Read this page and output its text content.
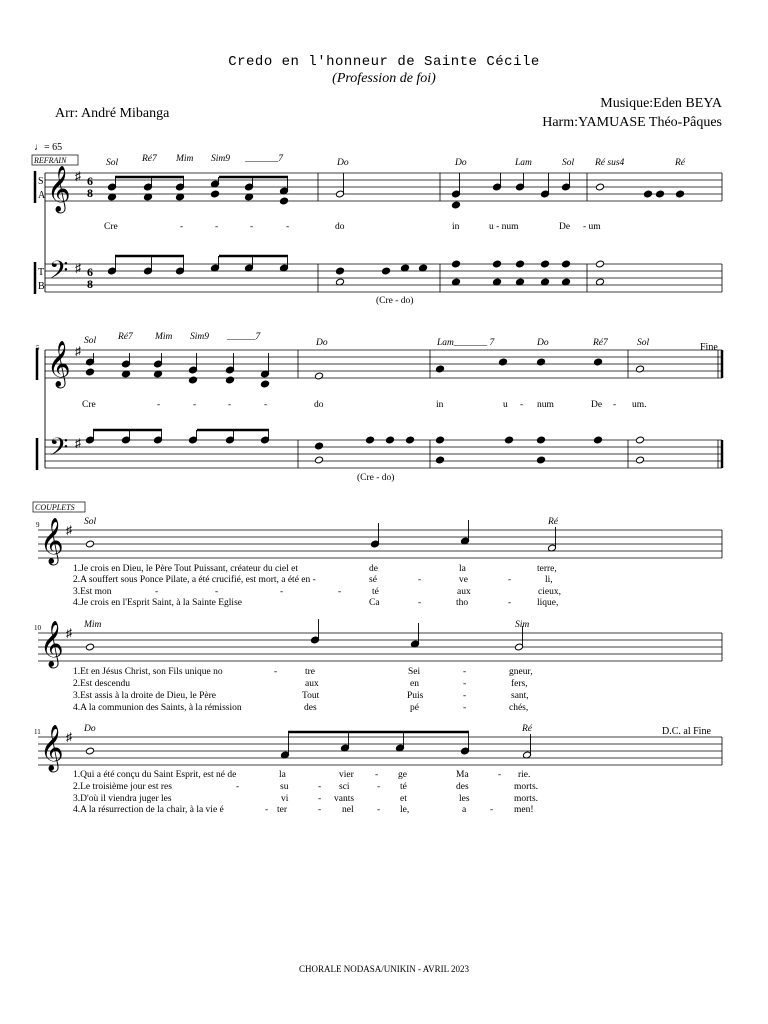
Credo en l'honneur de Sainte Cécile
(Profession de foi)
Arr: André Mibanga
Musique:Eden BEYA
Harm:YAMUASE Théo-Pâques
CHORALE NODASA/UNIKIN - AVRIL 2023
♩= 65
REFRAIN
COUPLETS
S
A
T
B
5
9
10
11
𝄞
𝄢
𝄞
𝄢
𝄞
𝄞
𝄞
♯
♯
♯
♯
♯
♯
♯
6
8
6
8
Sol	Ré7 Mim Sim9 _______7	Do	Do	Lam	Sol Ré sus4	Ré
Cre	-	-	-	-	do	in	u - num	De - um
(Cre - do)
Sol Ré7 Mim Sim9 ______7
Do	Lam_______ 7	Do	Ré7	Sol	Fine
Cre	-	-	-	-	do	in	u - num	De - um.
(Cre - do)
Sol	Ré
1.Je crois en Dieu, le Père Tout Puissant, créateur du ciel et	de	la	terre,
2.A souffert sous Ponce Pilate, a été crucifié, est mort, a été en -	sé	-	ve	-	li,
3.Est mon	-	-	-	-	té	aux	cieux,
4.Je crois en l'Esprit Saint, à la Sainte Eglise	Ca	-	tho	-	lique,
Mim	Sim
1.Et en Jésus Christ, son Fils unique no	-	tre	Sei	-	gneur,
2.Est descendu	aux	en	-	fers,
3.Est assis à la droite de Dieu, le Père	Tout	Puis	-	sant,
4.A la communion des Saints, à la rémission	des	pé	-	chés,
Do	Ré	D.C. al Fine
1.Qui a été conçu du Saint Esprit, est né de	la	vier - ge	Ma	- rie.
2.Le troisième jour est res	-	su	- sci	- té	des	morts.
3.D'où il viendra juger les	vi	- vants	et	les	morts.
4.A la résurrection de la chair, à la vie é	- ter	- nel - le,	a	- men!
